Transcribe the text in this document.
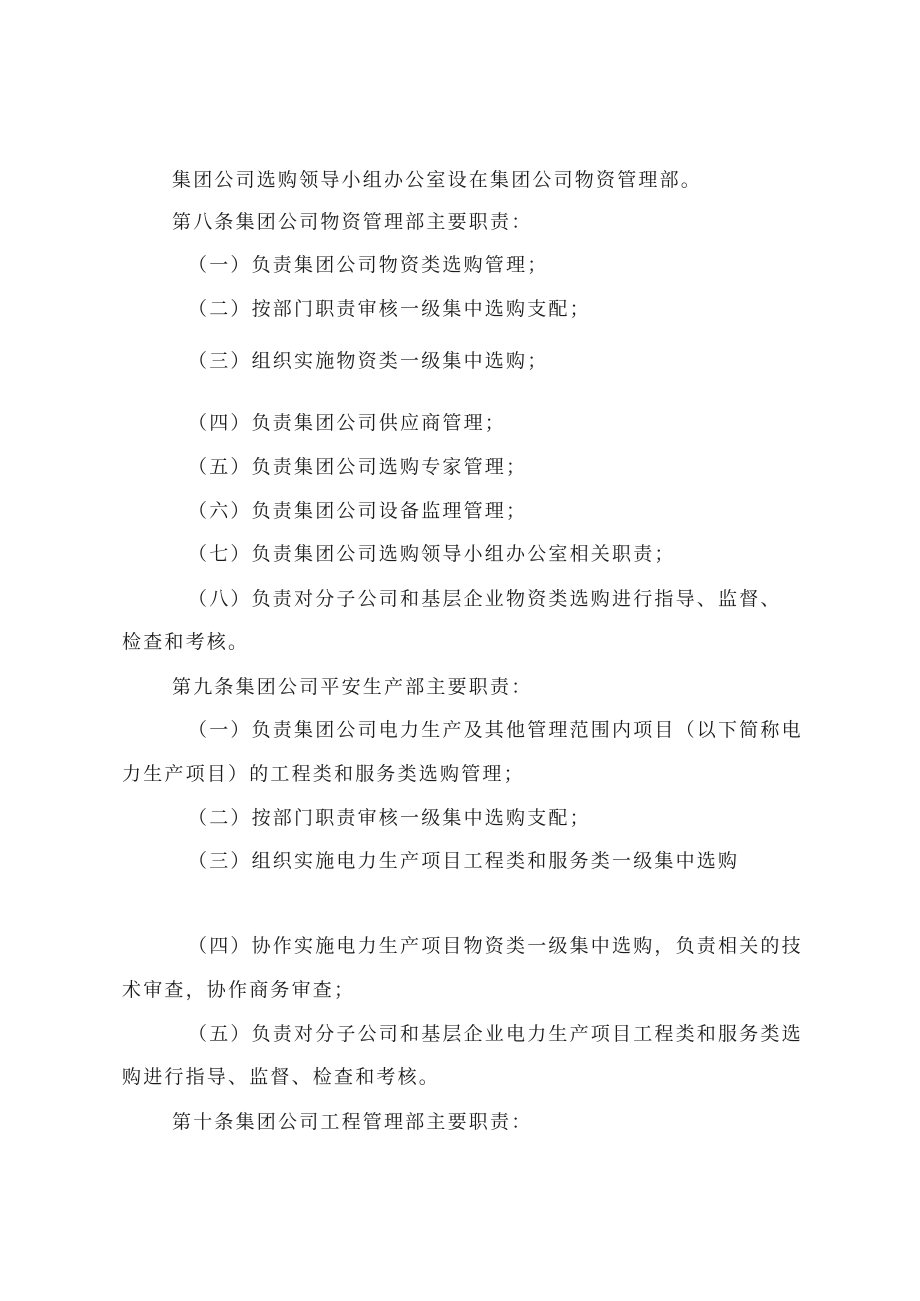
集团公司选购领导小组办公室设在集团公司物资管理部。
第八条集团公司物资管理部主要职责：
（一）负责集团公司物资类选购管理；
（二）按部门职责审核一级集中选购支配；
（三）组织实施物资类一级集中选购；
（四）负责集团公司供应商管理；
（五）负责集团公司选购专家管理；
（六）负责集团公司设备监理管理；
（七）负责集团公司选购领导小组办公室相关职责；
（八）负责对分子公司和基层企业物资类选购进行指导、监督、
检查和考核。
第九条集团公司平安生产部主要职责：
（一）负责集团公司电力生产及其他管理范围内项目（以下简称电
力生产项目）的工程类和服务类选购管理；
（二）按部门职责审核一级集中选购支配；
（三）组织实施电力生产项目工程类和服务类一级集中选购
（四）协作实施电力生产项目物资类一级集中选购，负责相关的技
术审查，协作商务审查；
（五）负责对分子公司和基层企业电力生产项目工程类和服务类选
购进行指导、监督、检查和考核。
第十条集团公司工程管理部主要职责：
